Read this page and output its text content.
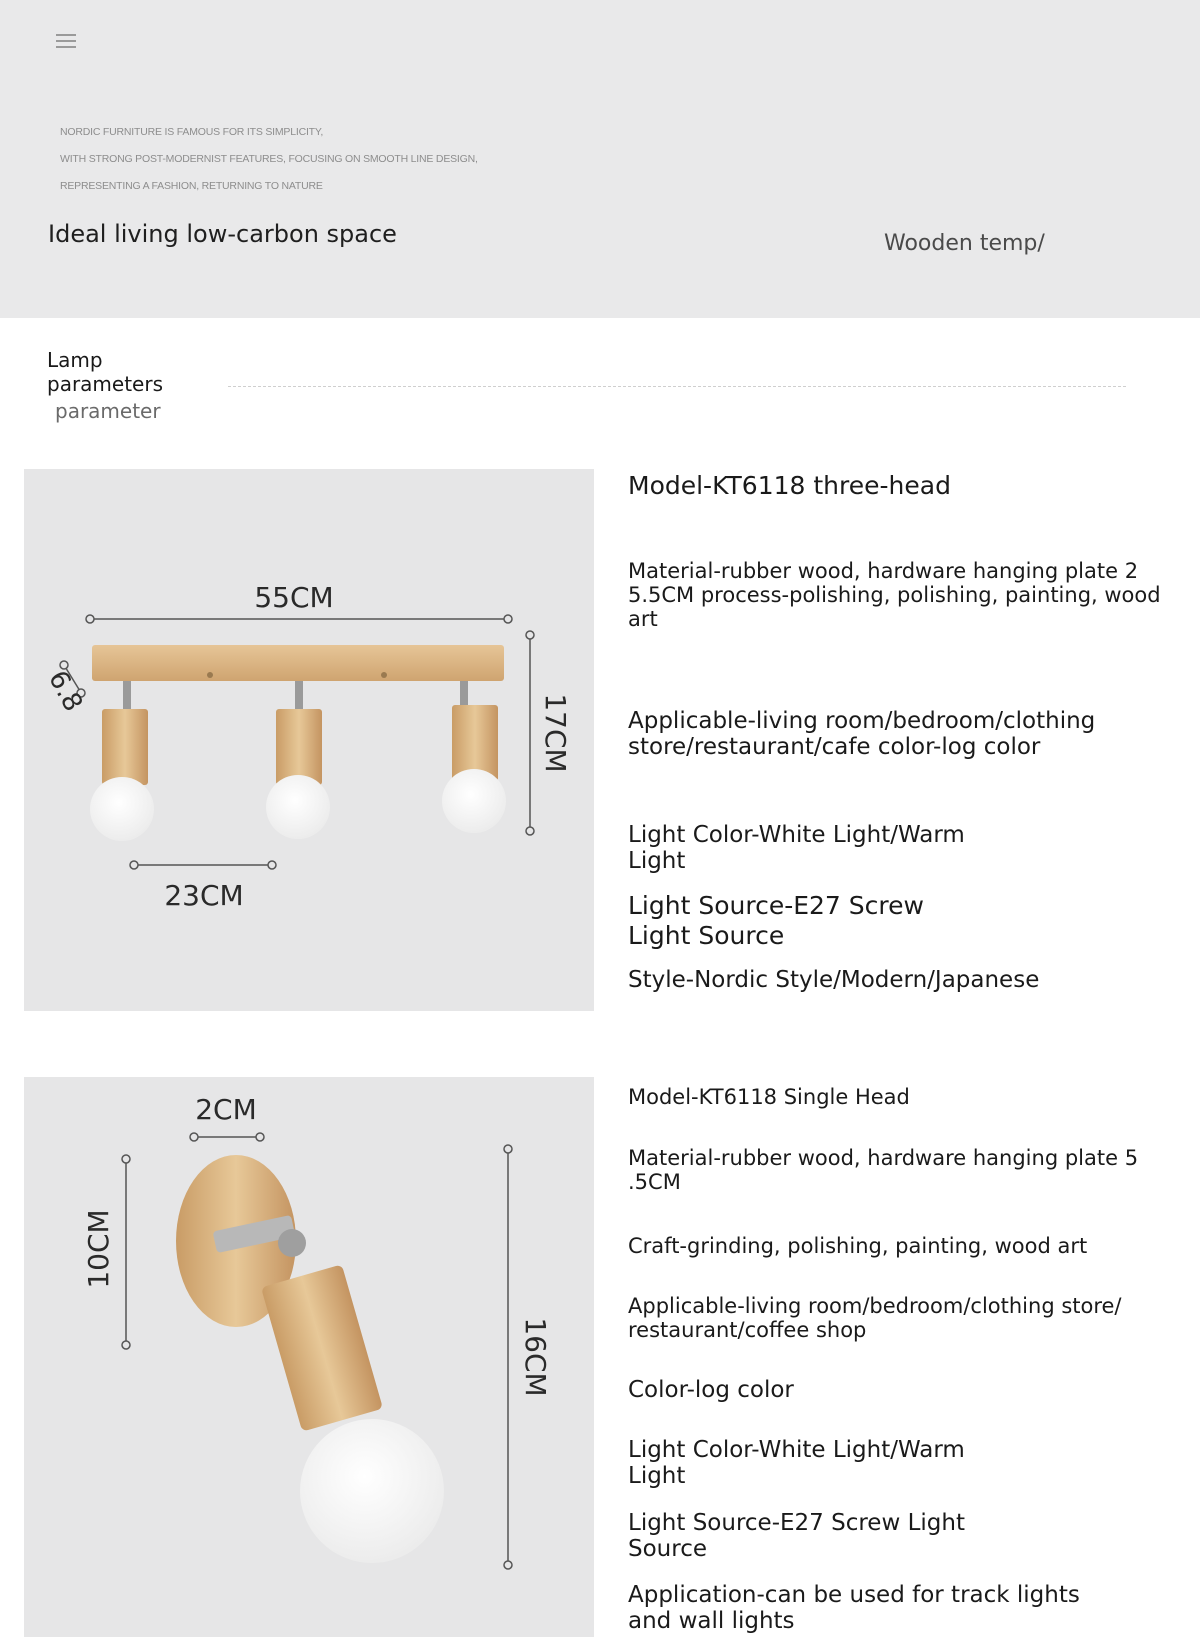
NORDIC FURNITURE IS FAMOUS FOR ITS SIMPLICITY,
WITH STRONG POST-MODERNIST FEATURES, FOCUSING ON SMOOTH LINE DESIGN,
REPRESENTING A FASHION, RETURNING TO NATURE
Ideal living low-carbon space	Wooden temp/
Lamp
parameters
parameter
55CM
6.8
17CM
23CM
Model-KT6118 three-head
Material-rubber wood, hardware hanging plate 2 5.5CM process-polishing, polishing, painting, wood art
Applicable-living room/bedroom/clothing store/restaurant/cafe color-log color
Light Color-White Light/Warm Light
Light Source-E27 Screw Light Source
Style-Nordic Style/Modern/Japanese
2CM
10CM
16CM
Model-KT6118 Single Head
Material-rubber wood, hardware hanging plate 5 .5CM
Craft-grinding, polishing, painting, wood art
Applicable-living room/bedroom/clothing store/ restaurant/coffee shop
Color-log color
Light Color-White Light/Warm Light
Light Source-E27 Screw Light Source
Application-can be used for track lights and wall lights
